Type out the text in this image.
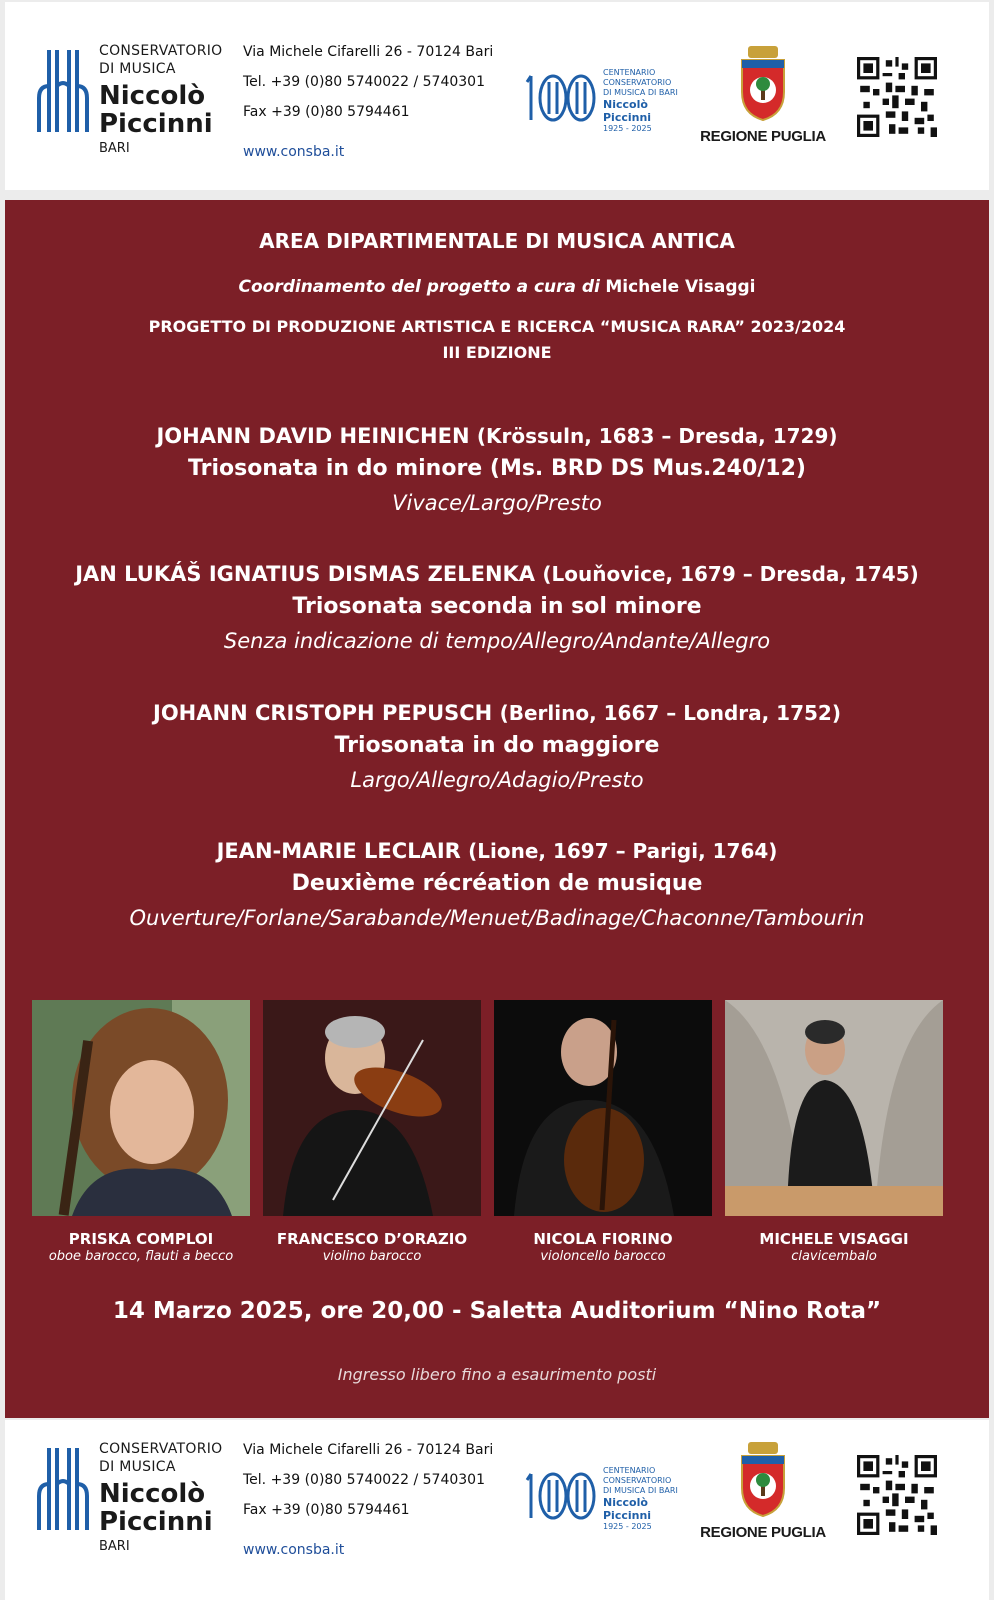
CONSERVATORIO
DI MUSICA
Niccolò
Piccinni
BARI
Via Michele Cifarelli 26 - 70124 Bari
Tel. +39 (0)80 5740022 / 5740301
Fax +39 (0)80 5794461
www.consba.it
CENTENARIO
CONSERVATORIO
DI MUSICA DI BARI
Niccolò
Piccinni
1925 - 2025	REGIONE PUGLIA
AREA DIPARTIMENTALE DI MUSICA ANTICA
Coordinamento del progetto a cura di Michele Visaggi
PROGETTO DI PRODUZIONE ARTISTICA E RICERCA “MUSICA RARA” 2023/2024
III EDIZIONE
JOHANN DAVID HEINICHEN (Krössuln, 1683 – Dresda, 1729)
Triosonata in do minore (Ms. BRD DS Mus.240/12)
Vivace/Largo/Presto
JAN LUKÁŠ IGNATIUS DISMAS ZELENKA (Louňovice, 1679 – Dresda, 1745)
Triosonata seconda in sol minore
Senza indicazione di tempo/Allegro/Andante/Allegro
JOHANN CRISTOPH PEPUSCH (Berlino, 1667 – Londra, 1752)
Triosonata in do maggiore
Largo/Allegro/Adagio/Presto
JEAN-MARIE LECLAIR (Lione, 1697 – Parigi, 1764)
Deuxième récréation de musique
Ouverture/Forlane/Sarabande/Menuet/Badinage/Chaconne/Tambourin
PRISKA COMPLOI
oboe barocco, flauti a becco
FRANCESCO D’ORAZIO
violino barocco
NICOLA FIORINO
violoncello barocco
MICHELE VISAGGI
clavicembalo
14 Marzo 2025, ore 20,00 - Saletta Auditorium “Nino Rota”
Ingresso libero fino a esaurimento posti
CONSERVATORIO
DI MUSICA
Niccolò
Piccinni
BARI
Via Michele Cifarelli 26 - 70124 Bari
Tel. +39 (0)80 5740022 / 5740301
Fax +39 (0)80 5794461
www.consba.it
CENTENARIO
CONSERVATORIO
DI MUSICA DI BARI
Niccolò
Piccinni
1925 - 2025	REGIONE PUGLIA
